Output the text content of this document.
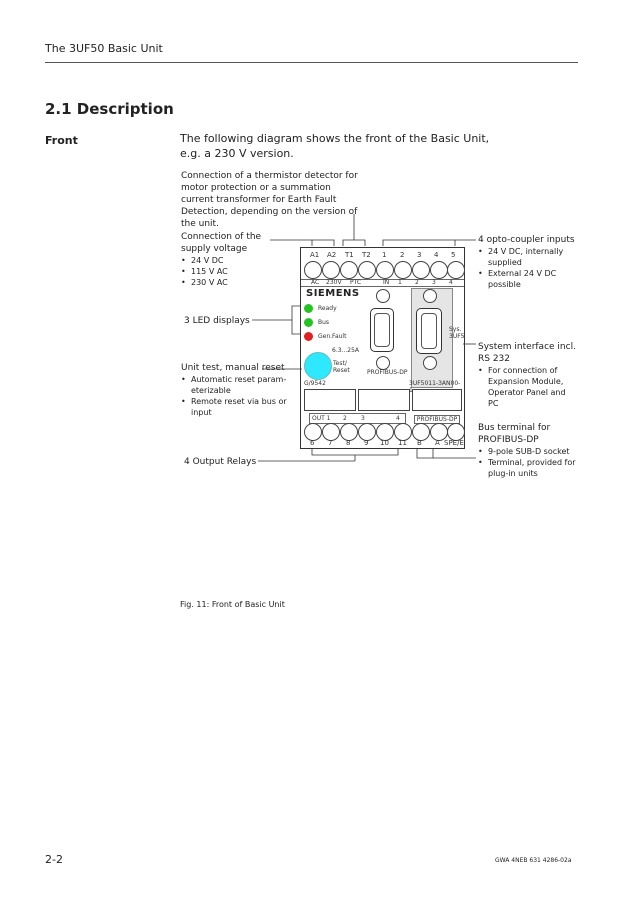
The 3UF50 Basic Unit
2.1 Description
Front	The following diagram shows the front of the Basic Unit, e.g. a 230 V version.
Connection of a thermistor detector for motor protection or a summation current transformer for Earth Fault Detection, depending on the version of the unit.
Connection of the supply voltage
• 24 V DC
• 115 V AC
• 230 V AC
3 LED displays
Unit test, manual reset
• Automatic reset param-eterizable
• Remote reset via bus or input
4 Output Relays
4 opto-coupler inputs
• 24 V DC, internally supplied
• External 24 V DC possible
System interface incl. RS 232
• For connection of Expansion Module, Operator Panel and PC
Bus terminal for PROFIBUS-DP
• 9-pole SUB-D socket
• Terminal, provided for plug-in units
A1 A2 T1 T2 1 2 3 4 5
AC 230V PTC	IN 1 2 3 4
SIEMENS
Ready
Bus
Gen.Fault
6.3...25A
Test/ Reset	PROFIBUS-DP
Sys. 3UF5
G/9542	3UF5011-3AN00-1
OUT 1 2 3	4	PROFIBUS-DP
6 7 8 9 10 11 B A SPE/E
Fig. 11: Front of Basic Unit
2-2	GWA 4NEB 631 4286-02a
